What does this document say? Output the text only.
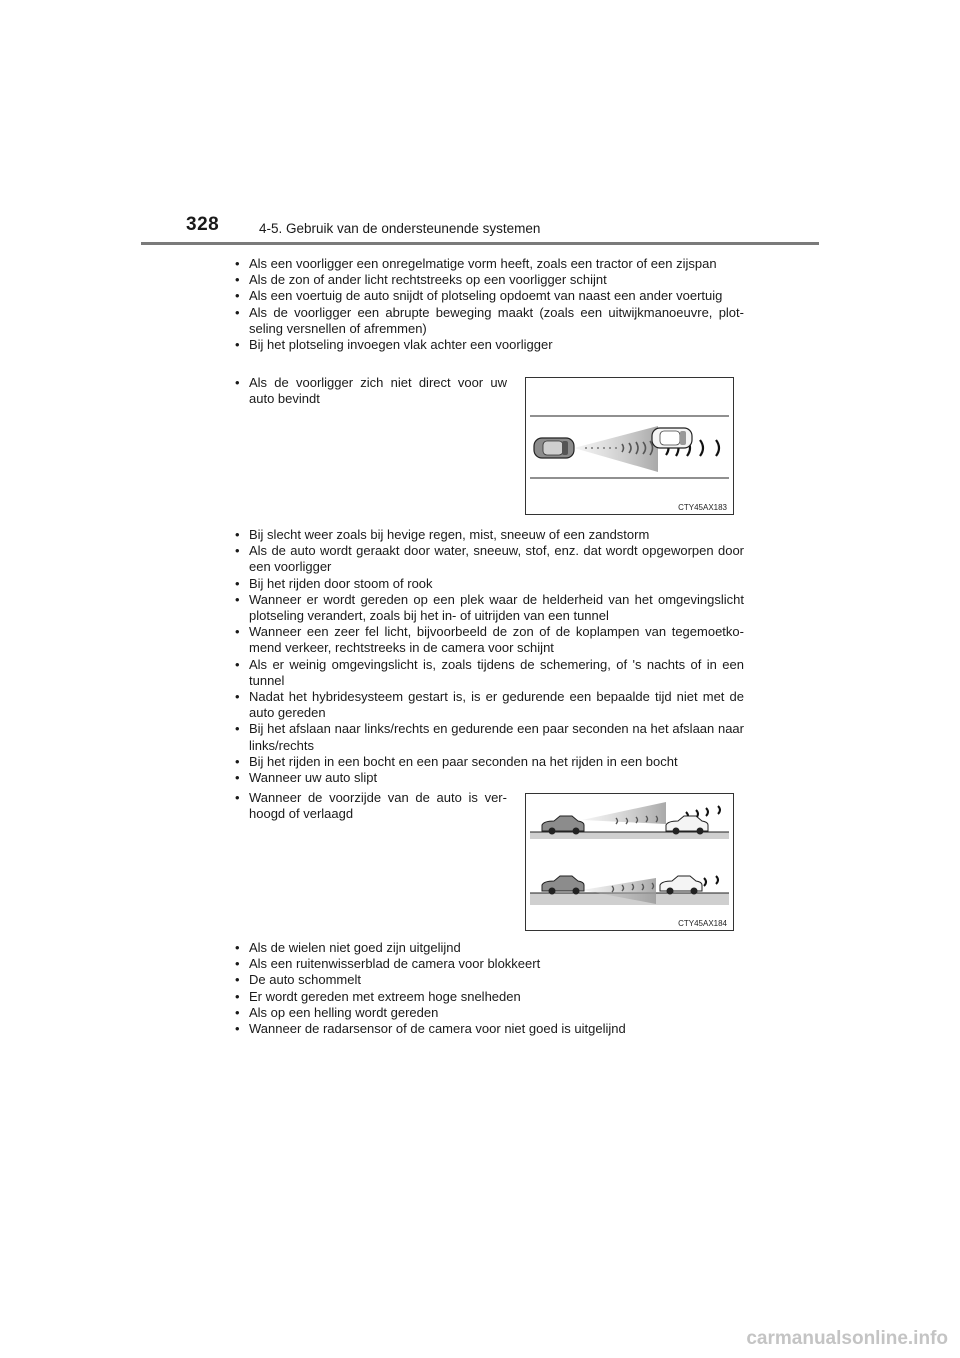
328	4-5. Gebruik van de ondersteunende systemen
• Als een voorligger een onregelmatige vorm heeft, zoals een tractor of een zijspan
• Als de zon of ander licht rechtstreeks op een voorligger schijnt
• Als een voertuig de auto snijdt of plotseling opdoemt van naast een ander voertuig
• Als de voorligger een abrupte beweging maakt (zoals een uitwijkmanoeuvre, plotseling versnellen of afremmen)
• Bij het plotseling invoegen vlak achter een voorligger
• Als de voorligger zich niet direct voor uw auto bevindt
CTY45AX183
• Bij slecht weer zoals bij hevige regen, mist, sneeuw of een zandstorm
• Als de auto wordt geraakt door water, sneeuw, stof, enz. dat wordt opgeworpen door een voorligger
• Bij het rijden door stoom of rook
• Wanneer er wordt gereden op een plek waar de helderheid van het omgevingslicht plotseling verandert, zoals bij het in- of uitrijden van een tunnel
• Wanneer een zeer fel licht, bijvoorbeeld de zon of de koplampen van tegemoetkomend verkeer, rechtstreeks in de camera voor schijnt
• Als er weinig omgevingslicht is, zoals tijdens de schemering, of 's nachts of in een tunnel
• Nadat het hybridesysteem gestart is, is er gedurende een bepaalde tijd niet met de auto gereden
• Bij het afslaan naar links/rechts en gedurende een paar seconden na het afslaan naar links/rechts
• Bij het rijden in een bocht en een paar seconden na het rijden in een bocht
• Wanneer uw auto slipt
• Wanneer de voorzijde van de auto is verhoogd of verlaagd
CTY45AX184
• Als de wielen niet goed zijn uitgelijnd
• Als een ruitenwisserblad de camera voor blokkeert
• De auto schommelt
• Er wordt gereden met extreem hoge snelheden
• Als op een helling wordt gereden
• Wanneer de radarsensor of de camera voor niet goed is uitgelijnd
carmanualsonline.info
